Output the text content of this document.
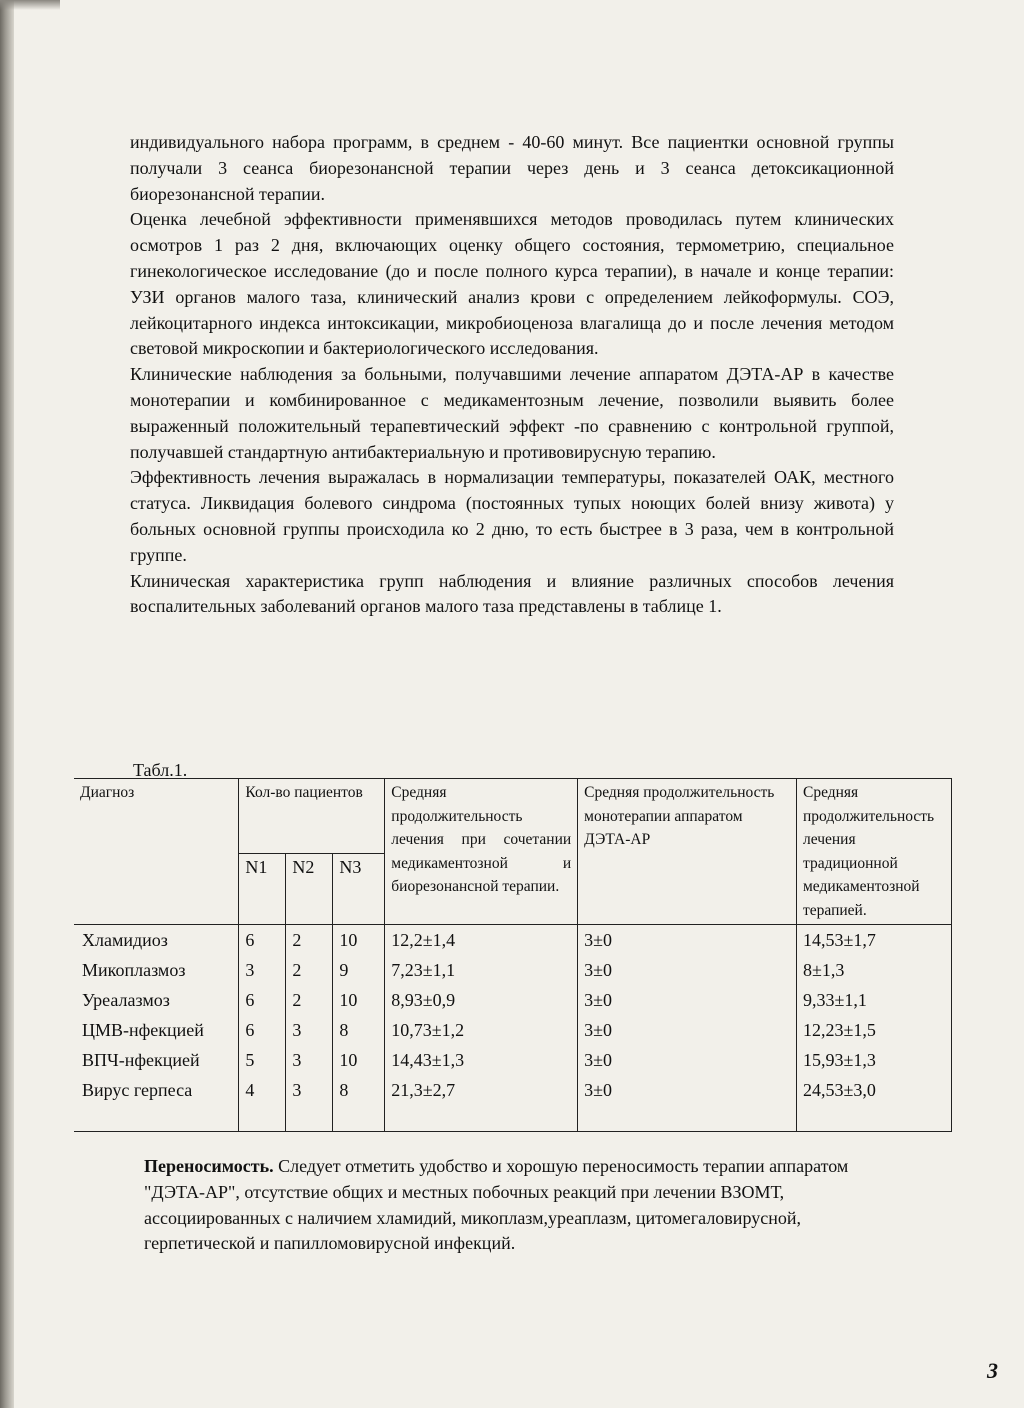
индивидуального набора программ, в среднем - 40-60 минут. Все пациентки основной группы получали 3 сеанса биорезонансной терапии через день и 3 сеанса детоксикационной биорезонансной терапии.

Оценка лечебной эффективности применявшихся методов проводилась путем клинических осмотров 1 раз 2 дня, включающих оценку общего состояния, термометрию, специальное гинекологическое исследование (до и после полного курса терапии), в начале и конце терапии: УЗИ органов малого таза, клинический анализ крови с определением лейкоформулы. СОЭ, лейкоцитарного индекса интоксикации, микробиоценоза влагалища до и после лечения методом световой микроскопии и бактериологического исследования.

Клинические наблюдения за больными, получавшими лечение аппаратом ДЭТА-АР в качестве монотерапии и комбинированное с медикаментозным лечение, позволили выявить более выраженный положительный терапевтический эффект -по сравнению с контрольной группой, получавшей стандартную антибактериальную и противовирусную терапию.

Эффективность лечения выражалась в нормализации температуры, показателей ОАК, местного статуса. Ликвидация болевого синдрома (постоянных тупых ноющих болей внизу живота) у больных основной группы происходила ко 2 дню, то есть быстрее в 3 раза, чем в контрольной группе.

Клиническая характеристика групп наблюдения и влияние различных способов лечения воспалительных заболеваний органов малого таза представлены в таблице 1.

Табл.1.
Диагноз	Кол-во пациентов			Средняя продолжительность лечения при сочетании медикаментозной и биорезонансной терапии.	Средняя продолжительность монотерапии аппаратом ДЭТА-АР	Средняя продолжительность лечения традиционной медикаментозной терапией.
	N1	N2	N3			
Хламидиоз	6	2	10	12,2±1,4	3±0	14,53±1,7
Микоплазмоз	3	2	9	7,23±1,1	3±0	8±1,3
Уреалазмоз	6	2	10	8,93±0,9	3±0	9,33±1,1
ЦМВ-нфекцией	6	3	8	10,73±1,2	3±0	12,23±1,5
ВПЧ-нфекцией	5	3	10	14,43±1,3	3±0	15,93±1,3
Вирус герпеса	4	3	8	21,3±2,7	3±0	24,53±3,0

Переносимость. Следует отметить удобство и хорошую переносимость терапии аппаратом "ДЭТА-АР", отсутствие общих и местных побочных реакций при лечении ВЗОМТ, ассоциированных с наличием хламидий, микоплазм,уреаплазм, цитомегаловирусной, герпетической и папилломовирусной инфекций.
3
